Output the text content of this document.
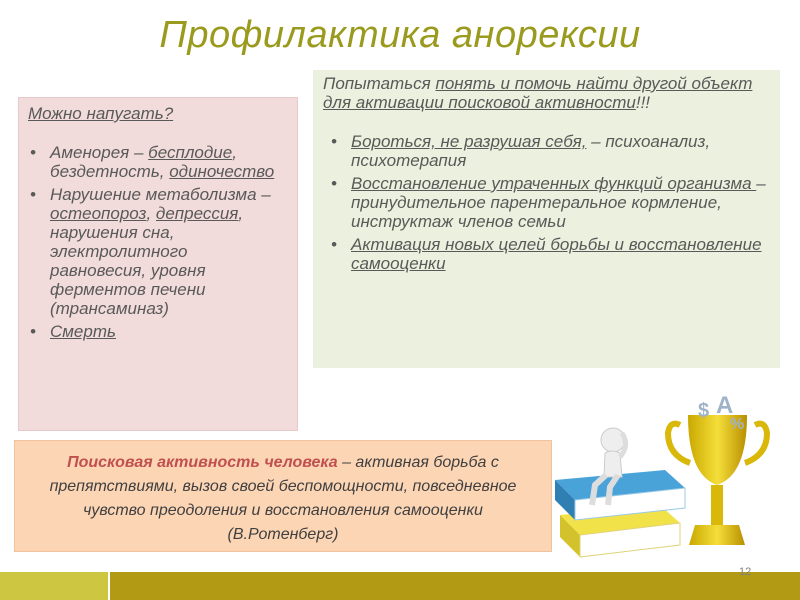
Профилактика анорексии
Можно напугать?
• Аменорея – бесплодие, бездетность, одиночество
• Нарушение метаболизма – остеопороз, депрессия, нарушения сна, электролитного равновесия, уровня ферментов печени (трансаминаз)
• Смерть
Попытаться понять и помочь найти другой объект для активации поисковой активности!!!
• Бороться, не разрушая себя, – психоанализ, психотерапия
• Восстановление утраченных функций организма – принудительное парентеральное кормление, инструктаж членов семьи
• Активация новых целей борьбы и восстановление самооценки
Поисковая активность человека – активная борьба с препятствиями, вызов своей беспомощности, повседневное чувство преодоления и восстановления самооценки (В.Ротенберг)
$ A
%
12
